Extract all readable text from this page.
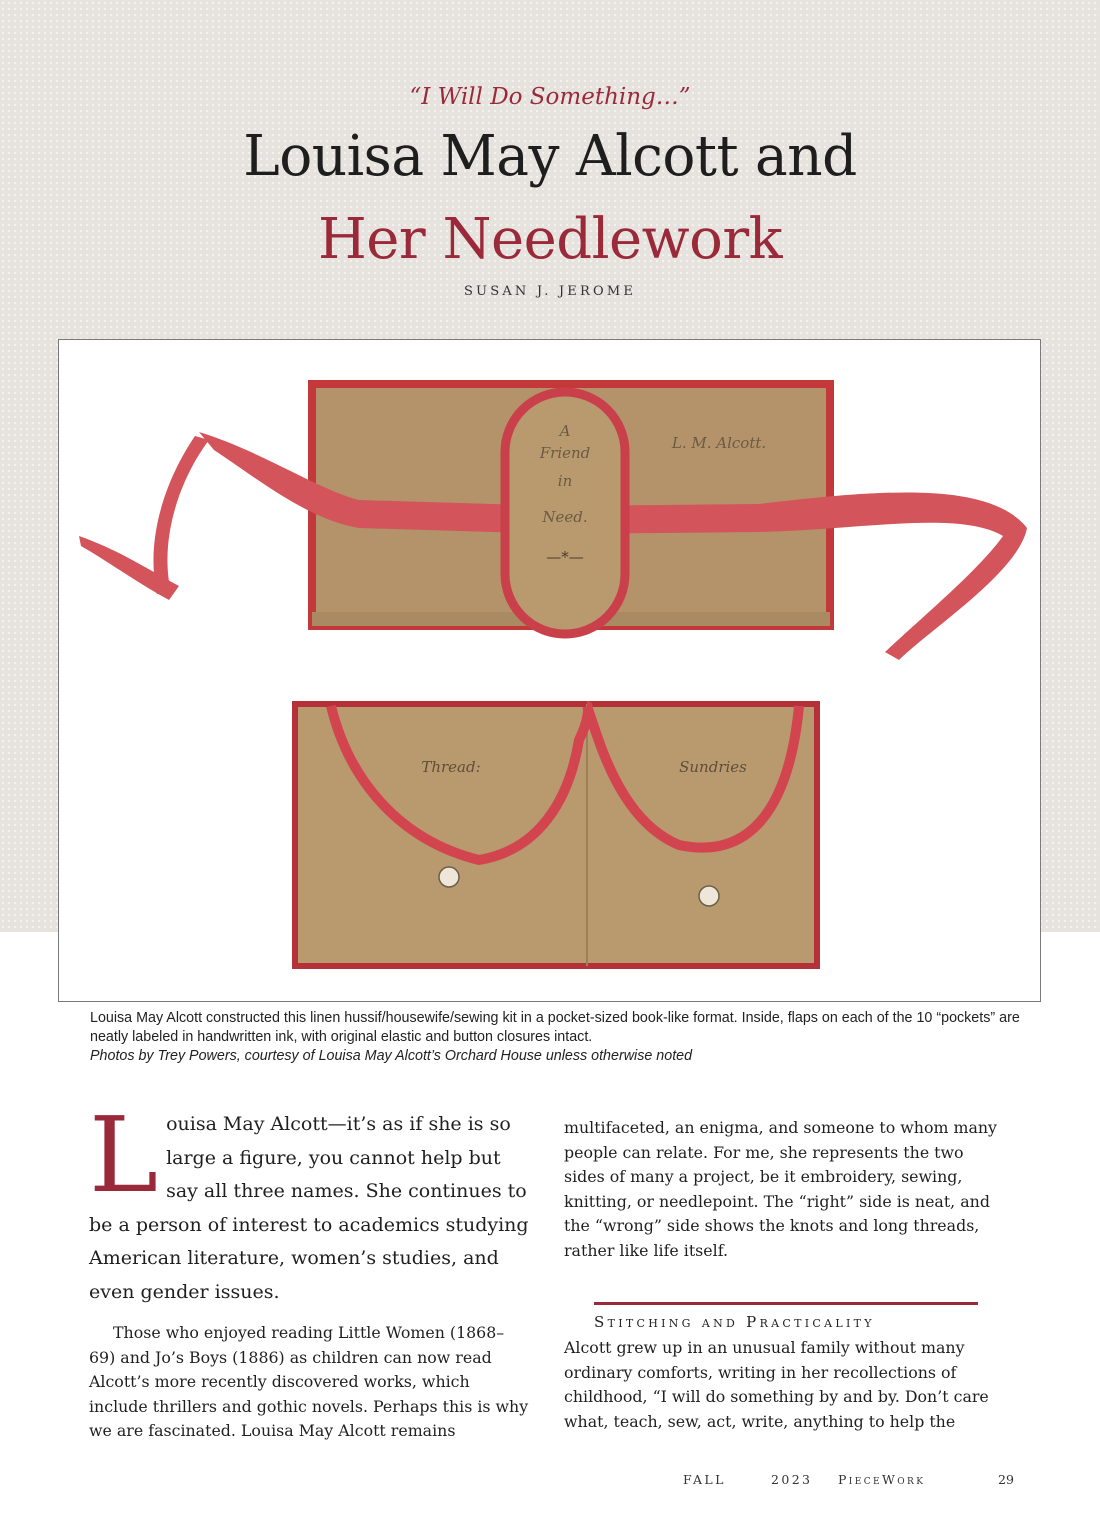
“I Will Do Something…”
Louisa May Alcott and
Her Needlework
SUSAN J. JEROME
A
Friend
in
Need.
—*—
L. M. Alcott.
Thread:	Sundries
Louisa May Alcott constructed this linen hussif/housewife/sewing kit in a pocket-sized book-like format. Inside, flaps on each of the 10 “pockets” are neatly labeled in handwritten ink, with original elastic and button closures intact.
Photos by Trey Powers, courtesy of Louisa May Alcott’s Orchard House unless otherwise noted

Louisa May Alcott—it’s as if she is so large a figure, you cannot help but say all three names. She continues to be a person of interest to academics studying American literature, women’s studies, and even gender issues.

Those who enjoyed reading Little Women (1868–69) and Jo’s Boys (1886) as children can now read Alcott’s more recently discovered works, which include thrillers and gothic novels. Perhaps this is why we are fascinated. Louisa May Alcott remains

multifaceted, an enigma, and someone to whom many people can relate. For me, she represents the two sides of many a project, be it embroidery, sewing, knitting, or needlepoint. The “right” side is neat, and the “wrong” side shows the knots and long threads, rather like life itself.

Stitching and Practicality

Alcott grew up in an unusual family without many ordinary comforts, writing in her recollections of childhood, “I will do something by and by. Don’t care what, teach, sew, act, write, anything to help the

FALL	2023 PieceWork	29
